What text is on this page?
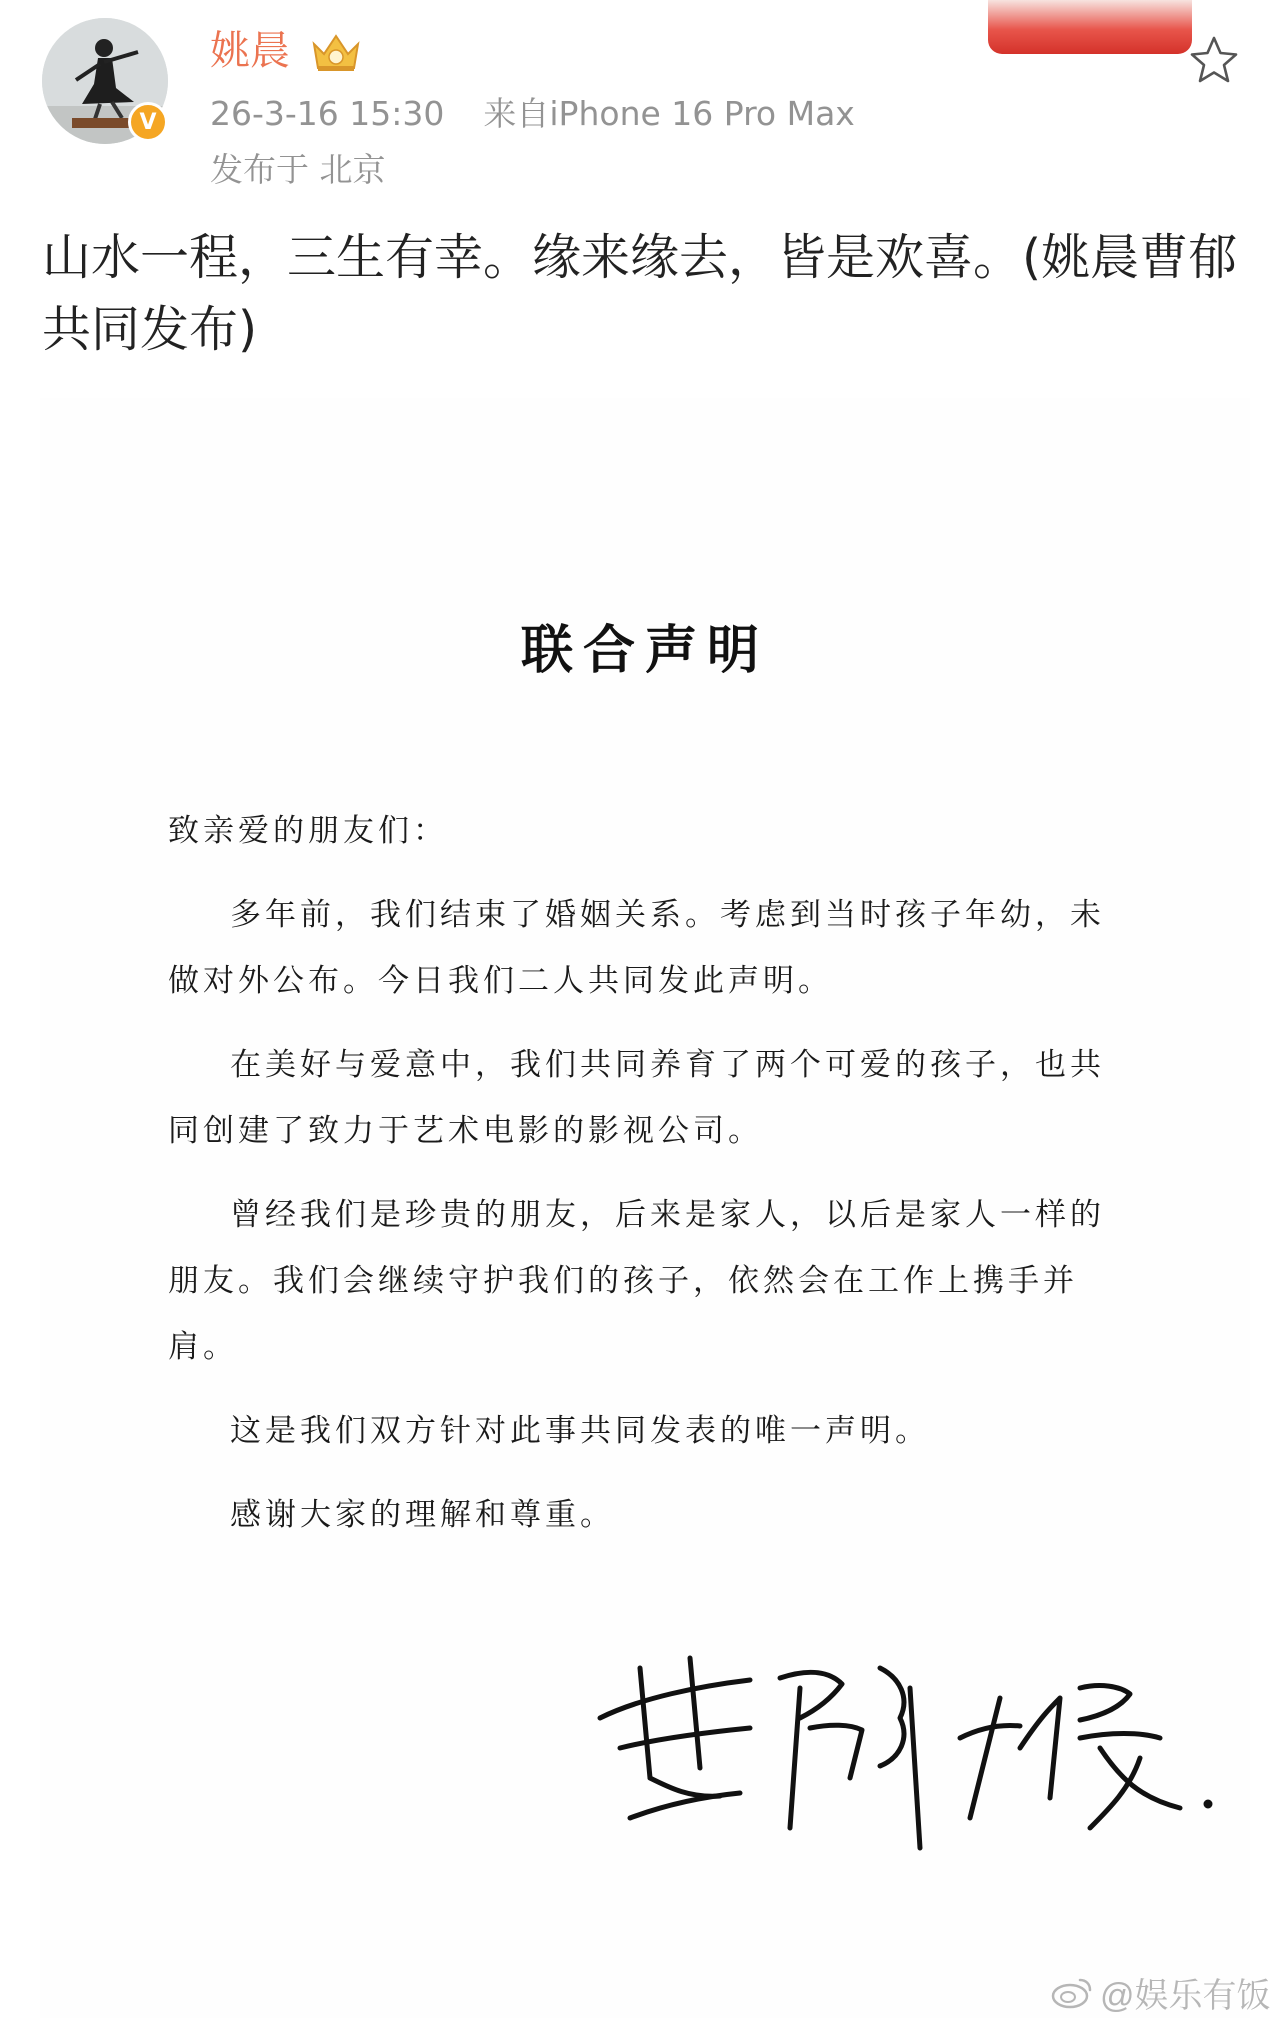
V
姚晨
26-3-16 15:30 来自iPhone 16 Pro Max
发布于 北京

山水一程，三生有幸。缘来缘去，皆是欢喜。(姚晨曹郁共同发布)

联合声明

致亲爱的朋友们：

多年前，我们结束了婚姻关系。考虑到当时孩子年幼，未做对外公布。今日我们二人共同发此声明。

在美好与爱意中，我们共同养育了两个可爱的孩子，也共同创建了致力于艺术电影的影视公司。

曾经我们是珍贵的朋友，后来是家人，以后是家人一样的朋友。我们会继续守护我们的孩子，依然会在工作上携手并肩。

这是我们双方针对此事共同发表的唯一声明。

感谢大家的理解和尊重。

@娱乐有饭
